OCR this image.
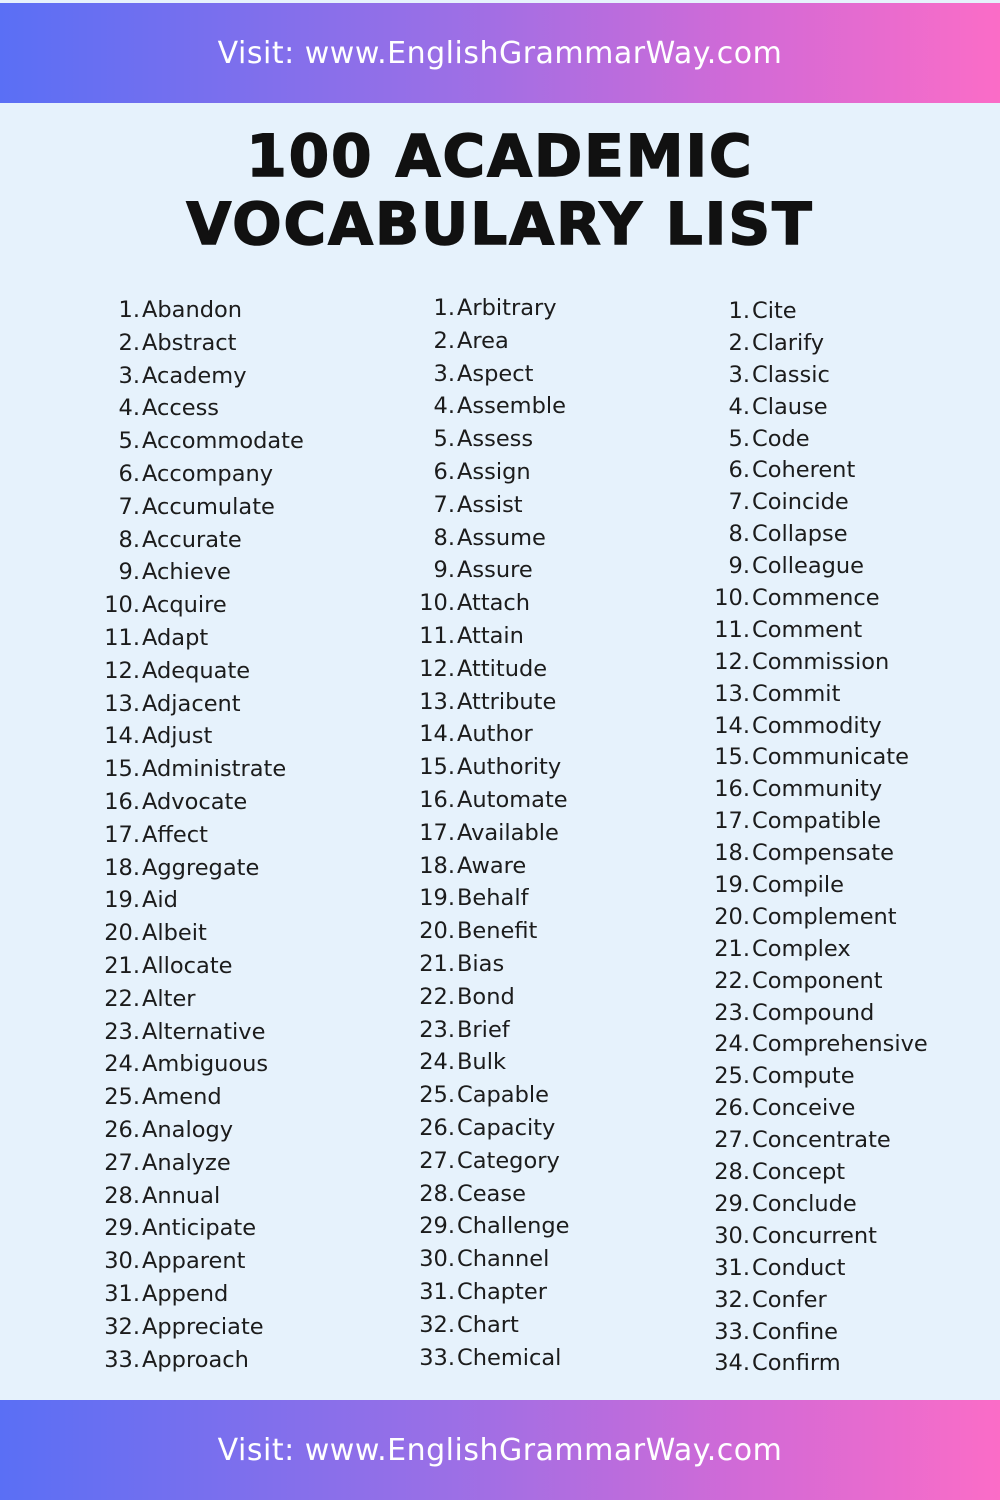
Visit: www.EnglishGrammarWay.com
100 ACADEMIC
VOCABULARY LIST
1. Abandon
2. Abstract
3. Academy
4. Access
5. Accommodate
6. Accompany
7. Accumulate
8. Accurate
9. Achieve
10. Acquire
11. Adapt
12. Adequate
13. Adjacent
14. Adjust
15. Administrate
16. Advocate
17. Affect
18. Aggregate
19. Aid
20. Albeit
21. Allocate
22. Alter
23. Alternative
24. Ambiguous
25. Amend
26. Analogy
27. Analyze
28. Annual
29. Anticipate
30. Apparent
31. Append
32. Appreciate
33. Approach
1. Arbitrary
2. Area
3. Aspect
4. Assemble
5. Assess
6. Assign
7. Assist
8. Assume
9. Assure
10. Attach
11. Attain
12. Attitude
13. Attribute
14. Author
15. Authority
16. Automate
17. Available
18. Aware
19. Behalf
20. Benefit
21. Bias
22. Bond
23. Brief
24. Bulk
25. Capable
26. Capacity
27. Category
28. Cease
29. Challenge
30. Channel
31. Chapter
32. Chart
33. Chemical
1. Cite
2. Clarify
3. Classic
4. Clause
5. Code
6. Coherent
7. Coincide
8. Collapse
9. Colleague
10. Commence
11. Comment
12. Commission
13. Commit
14. Commodity
15. Communicate
16. Community
17. Compatible
18. Compensate
19. Compile
20. Complement
21. Complex
22. Component
23. Compound
24. Comprehensive
25. Compute
26. Conceive
27. Concentrate
28. Concept
29. Conclude
30. Concurrent
31. Conduct
32. Confer
33. Confine
34. Confirm
Visit: www.EnglishGrammarWay.com
